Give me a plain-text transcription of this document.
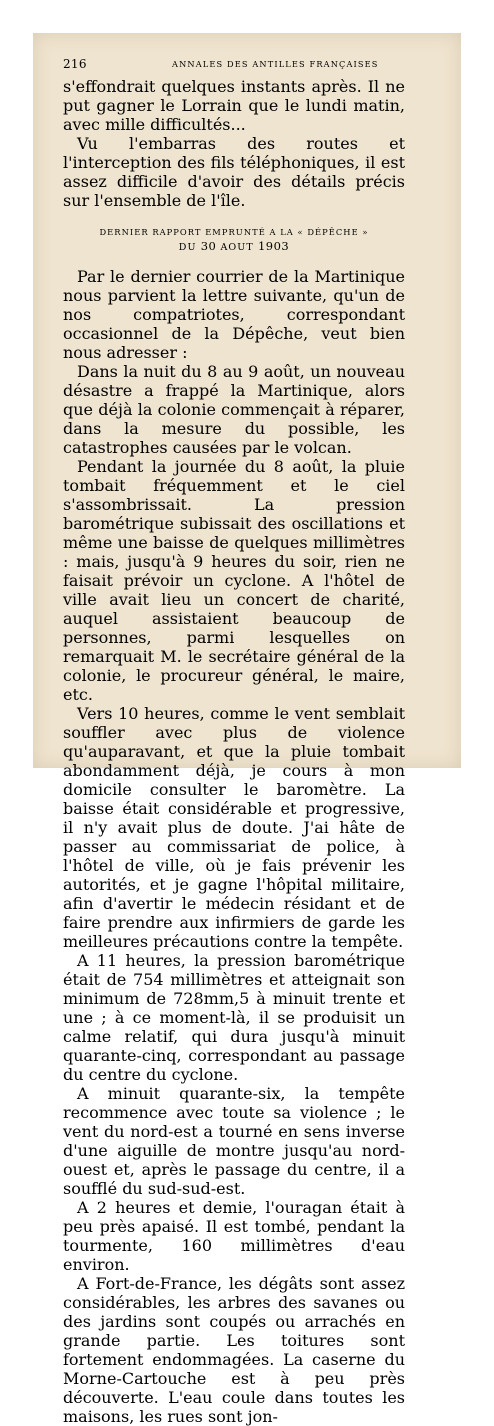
216	ANNALES DES ANTILLES FRANÇAISES

s'effondrait quelques instants après. Il ne put gagner le Lorrain que le lundi matin, avec mille difficultés...

Vu l'embarras des routes et l'interception des fils téléphoniques, il est assez difficile d'avoir des détails précis sur l'ensemble de l'île.

DERNIER RAPPORT EMPRUNTÉ A LA « DÉPÊCHE »
DU 30 AOUT 1903

Par le dernier courrier de la Martinique nous parvient la lettre suivante, qu'un de nos compatriotes, correspondant occasionnel de la Dépêche, veut bien nous adresser :

Dans la nuit du 8 au 9 août, un nouveau désastre a frappé la Martinique, alors que déjà la colonie commençait à réparer, dans la mesure du possible, les catastrophes causées par le volcan.

Pendant la journée du 8 août, la pluie tombait fréquemment et le ciel s'assombrissait. La pression barométrique subissait des oscillations et même une baisse de quelques millimètres : mais, jusqu'à 9 heures du soir, rien ne faisait prévoir un cyclone. A l'hôtel de ville avait lieu un concert de charité, auquel assistaient beaucoup de personnes, parmi lesquelles on remarquait M. le secrétaire général de la colonie, le procureur général, le maire, etc.

Vers 10 heures, comme le vent semblait souffler avec plus de violence qu'auparavant, et que la pluie tombait abondamment déjà, je cours à mon domicile consulter le baromètre. La baisse était considérable et progressive, il n'y avait plus de doute. J'ai hâte de passer au commissariat de police, à l'hôtel de ville, où je fais prévenir les autorités, et je gagne l'hôpital militaire, afin d'avertir le médecin résidant et de faire prendre aux infirmiers de garde les meilleures précautions contre la tempête.

A 11 heures, la pression barométrique était de 754 millimètres et atteignait son minimum de 728mm,5 à minuit trente et une ; à ce moment-là, il se produisit un calme relatif, qui dura jusqu'à minuit quarante-cinq, correspondant au passage du centre du cyclone.

A minuit quarante-six, la tempête recommence avec toute sa violence ; le vent du nord-est a tourné en sens inverse d'une aiguille de montre jusqu'au nord-ouest et, après le passage du centre, il a soufflé du sud-sud-est.

A 2 heures et demie, l'ouragan était à peu près apaisé. Il est tombé, pendant la tourmente, 160 millimètres d'eau environ.

A Fort-de-France, les dégâts sont assez considérables, les arbres des savanes ou des jardins sont coupés ou arrachés en grande partie. Les toitures sont fortement endommagées. La caserne du Morne-Cartouche est à peu près découverte. L'eau coule dans toutes les maisons, les rues sont jon-
